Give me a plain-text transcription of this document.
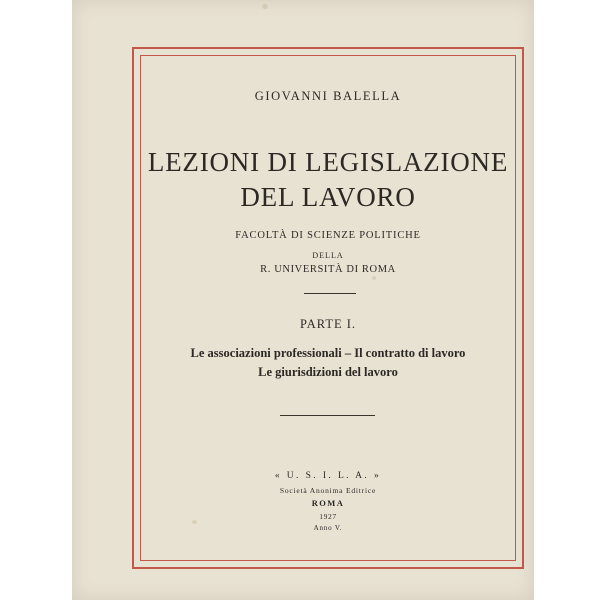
GIOVANNI BALELLA
LEZIONI DI LEGISLAZIONE
DEL LAVORO
FACOLTÀ DI SCIENZE POLITICHE
DELLA
R. UNIVERSITÀ DI ROMA
PARTE I.
Le associazioni professionali – Il contratto di lavoro
Le giurisdizioni del lavoro
« U. S. I. L. A. »
Società Anonima Editrice
ROMA
1927
Anno V.
